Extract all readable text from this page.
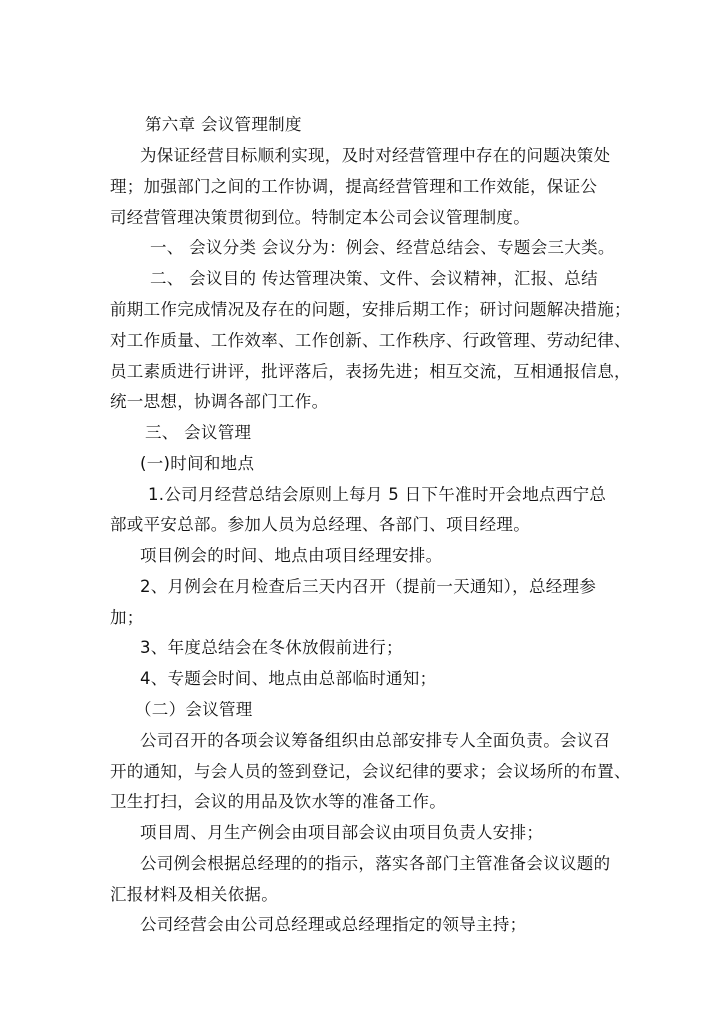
第六章 会议管理制度
为保证经营目标顺利实现，及时对经营管理中存在的问题决策处
理；加强部门之间的工作协调，提高经营管理和工作效能，保证公
司经营管理决策贯彻到位。特制定本公司会议管理制度。
一、 会议分类 会议分为：例会、经营总结会、专题会三大类。
二、 会议目的 传达管理决策、文件、会议精神，汇报、总结
前期工作完成情况及存在的问题，安排后期工作；研讨问题解决措施；
对工作质量、工作效率、工作创新、工作秩序、行政管理、劳动纪律、
员工素质进行讲评，批评落后，表扬先进；相互交流，互相通报信息，
统一思想，协调各部门工作。
三、 会议管理
(一)时间和地点
1.公司月经营总结会原则上每月 5 日下午准时开会地点西宁总
部或平安总部。参加人员为总经理、各部门、项目经理。
项目例会的时间、地点由项目经理安排。
2、月例会在月检查后三天内召开（提前一天通知），总经理参
加；
3、年度总结会在冬休放假前进行；
4、专题会时间、地点由总部临时通知；
（二）会议管理
公司召开的各项会议筹备组织由总部安排专人全面负责。会议召
开的通知，与会人员的签到登记，会议纪律的要求；会议场所的布置、
卫生打扫，会议的用品及饮水等的准备工作。
项目周、月生产例会由项目部会议由项目负责人安排；
公司例会根据总经理的的指示，落实各部门主管准备会议议题的
汇报材料及相关依据。
公司经营会由公司总经理或总经理指定的领导主持；
